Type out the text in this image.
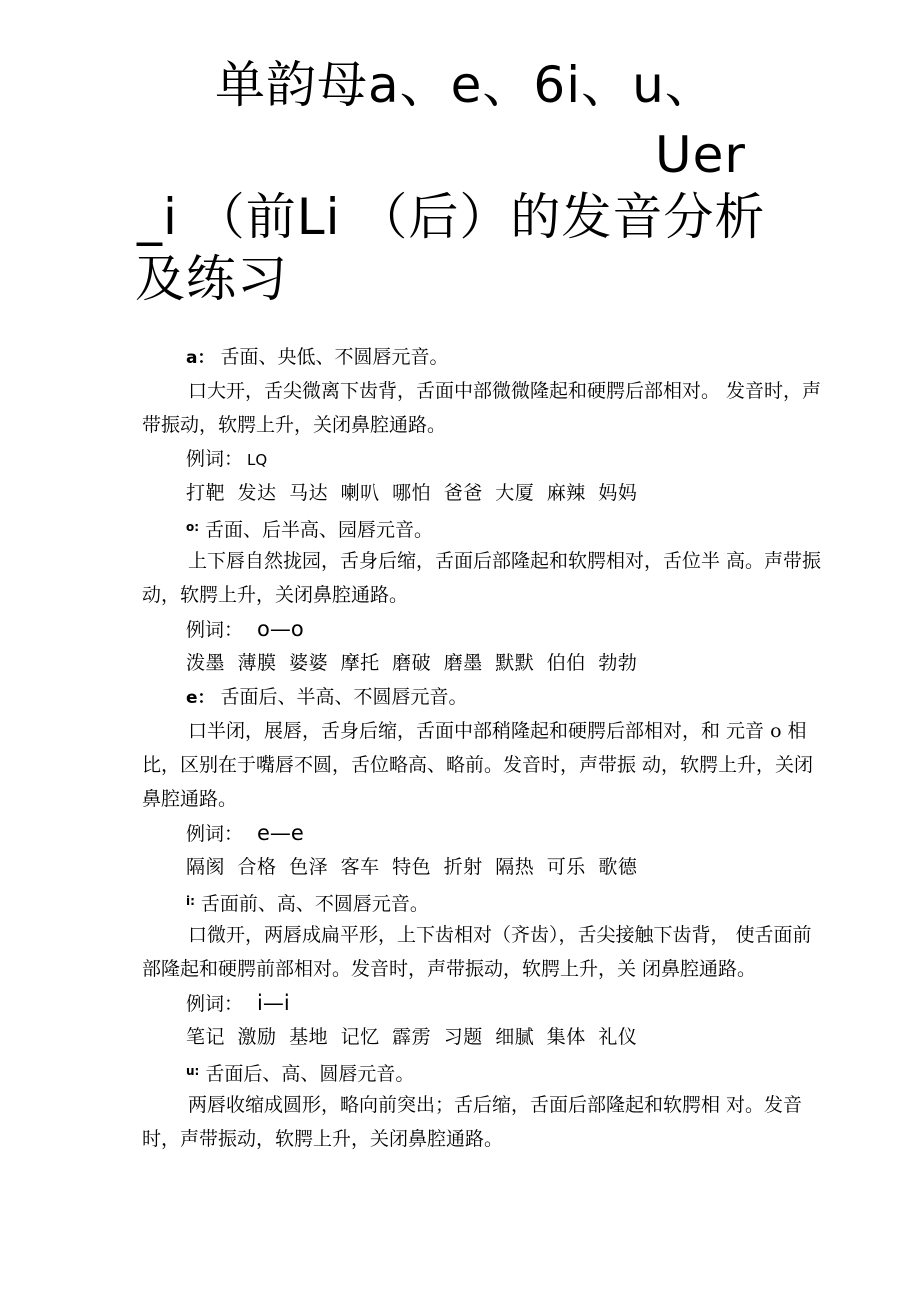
单韵母a、e、6i、u、
Uer
_i （前Li （后）的发音分析
及练习
a： 舌面、央低、不圆唇元音。
口大开，舌尖微离下齿背，舌面中部微微隆起和硬腭后部相对。 发音时，声
带振动，软腭上升，关闭鼻腔通路。
例词： LQ
打靶 发达 马达 喇叭 哪怕 爸爸 大厦 麻辣 妈妈
o: 舌面、后半高、园唇元音。
上下唇自然拢园，舌身后缩，舌面后部隆起和软腭相对，舌位半 高。声带振
动，软腭上升，关闭鼻腔通路。
例词： o—o
泼墨 薄膜 婆婆 摩托 磨破 磨墨 默默 伯伯 勃勃
e： 舌面后、半高、不圆唇元音。
口半闭，展唇，舌身后缩，舌面中部稍隆起和硬腭后部相对，和 元音 o 相
比，区别在于嘴唇不圆，舌位略高、略前。发音时，声带振 动，软腭上升，关闭
鼻腔通路。
例词： e—e
隔阂 合格 色泽 客车 特色 折射 隔热 可乐 歌德
i: 舌面前、高、不圆唇元音。
口微开，两唇成扁平形，上下齿相对（齐齿），舌尖接触下齿背， 使舌面前
部隆起和硬腭前部相对。发音时，声带振动，软腭上升，关 闭鼻腔通路。
例词： i—i
笔记 激励 基地 记忆 霹雳 习题 细腻 集体 礼仪
u: 舌面后、高、圆唇元音。
两唇收缩成圆形，略向前突出；舌后缩，舌面后部隆起和软腭相 对。发音
时，声带振动，软腭上升，关闭鼻腔通路。
